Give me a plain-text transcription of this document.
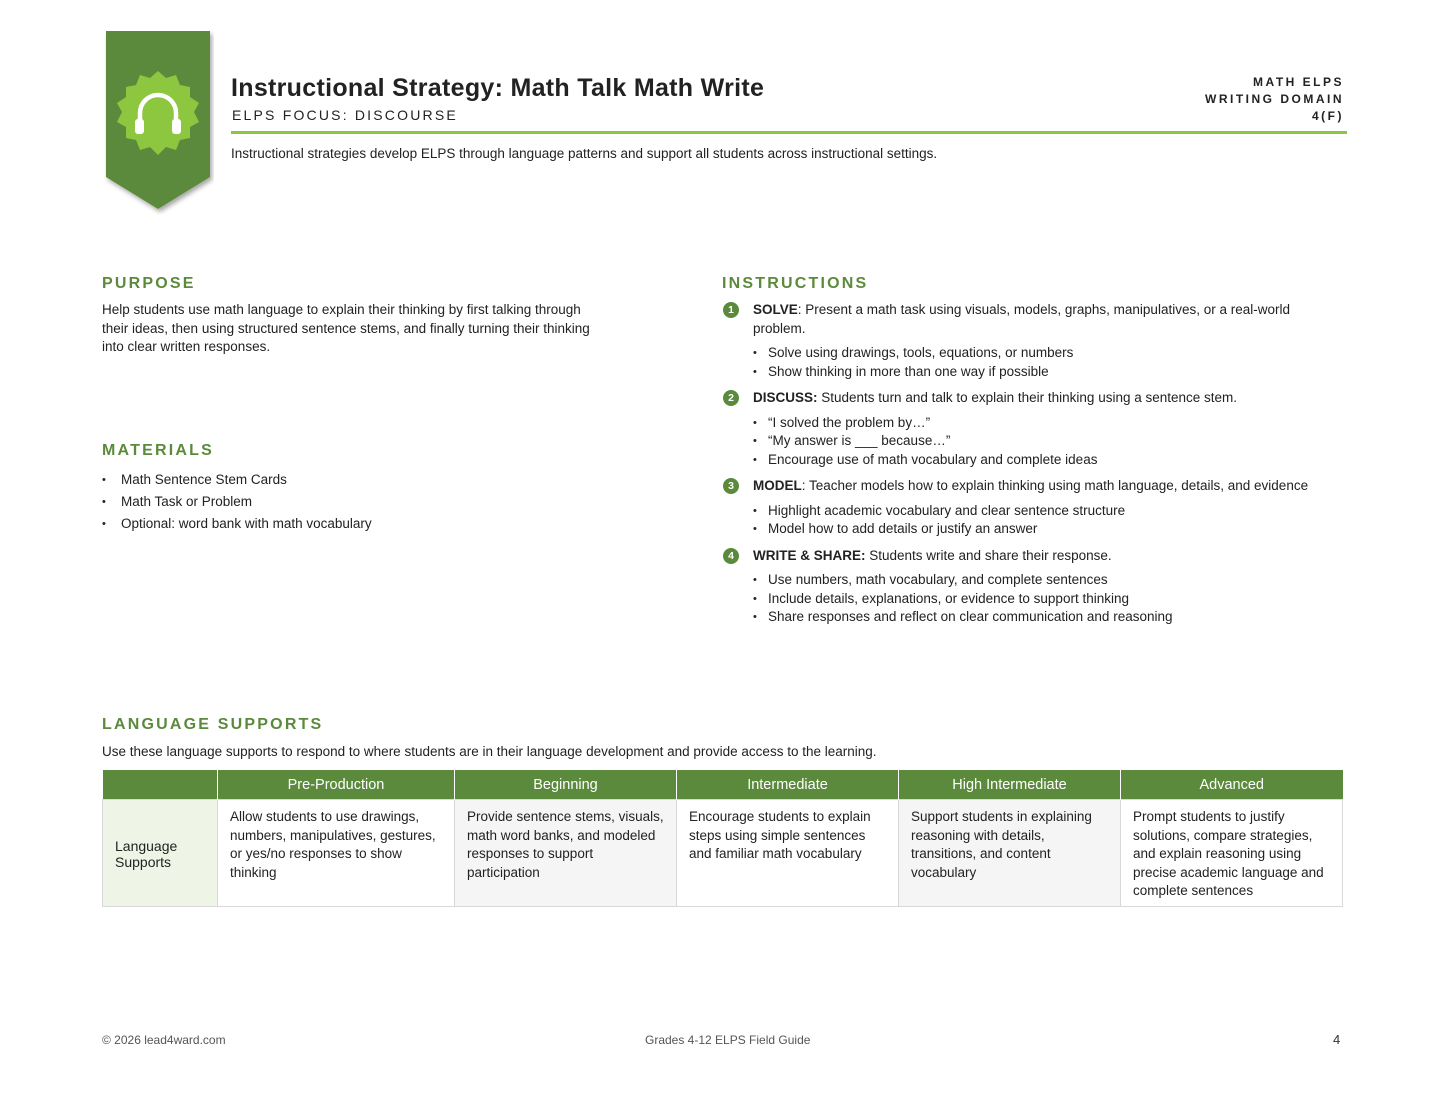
Instructional Strategy: Math Talk Math Write
ELPS FOCUS: DISCOURSE
MATH ELPS
WRITING DOMAIN
4(F)
Instructional strategies develop ELPS through language patterns and support all students across instructional settings.
PURPOSE
Help students use math language to explain their thinking by first talking through their ideas, then using structured sentence stems, and finally turning their thinking into clear written responses.
MATERIALS
• Math Sentence Stem Cards
• Math Task or Problem
• Optional: word bank with math vocabulary
INSTRUCTIONS
1	SOLVE: Present a math task using visuals, models, graphs, manipulatives, or a real-world problem.
• Solve using drawings, tools, equations, or numbers
• Show thinking in more than one way if possible
2	DISCUSS: Students turn and talk to explain their thinking using a sentence stem.
• “I solved the problem by…”
• “My answer is ___ because…”
• Encourage use of math vocabulary and complete ideas
3	MODEL: Teacher models how to explain thinking using math language, details, and evidence
• Highlight academic vocabulary and clear sentence structure
• Model how to add details or justify an answer
4	WRITE & SHARE: Students write and share their response.
• Use numbers, math vocabulary, and complete sentences
• Include details, explanations, or evidence to support thinking
• Share responses and reflect on clear communication and reasoning
LANGUAGE SUPPORTS
Use these language supports to respond to where students are in their language development and provide access to the learning.
	Pre-Production	Beginning	Intermediate	High Intermediate	Advanced
Language Supports	Allow students to use drawings, numbers, manipulatives, gestures, or yes/no responses to show thinking	Provide sentence stems, visuals, math word banks, and modeled responses to support participation	Encourage students to explain steps using simple sentences and familiar math vocabulary	Support students in explaining reasoning with details, transitions, and content vocabulary	Prompt students to justify solutions, compare strategies, and explain reasoning using precise academic language and complete sentences
© 2026 lead4ward.com	Grades 4-12 ELPS Field Guide	4
